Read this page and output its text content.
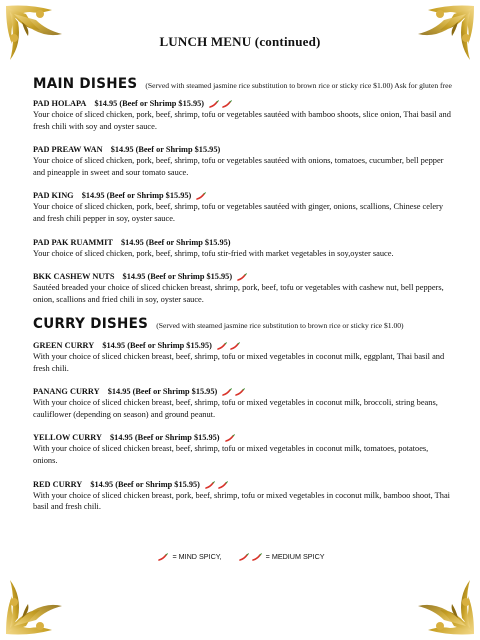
LUNCH MENU (continued)
MAIN DISHES (Served with steamed jasmine rice substitution to brown rice or sticky rice $1.00) Ask for gluten free
PAD HOLAPA $14.95 (Beef or Shrimp $15.95)
Your choice of sliced chicken, pork, beef, shrimp, tofu or vegetables sautéed with bamboo shoots, slice onion, Thai basil and fresh chili with soy and oyster sauce.
PAD PREAW WAN $14.95 (Beef or Shrimp $15.95)
Your choice of sliced chicken, pork, beef, shrimp, tofu or vegetables sautéed with onions, tomatoes, cucumber, bell pepper and pineapple in sweet and sour tomato sauce.
PAD KING $14.95 (Beef or Shrimp $15.95)
Your choice of sliced chicken, pork, beef, shrimp, tofu or vegetables sautéed with ginger, onions, scallions, Chinese celery and fresh chili pepper in soy, oyster sauce.
PAD PAK RUAMMIT $14.95 (Beef or Shrimp $15.95)
Your choice of sliced chicken, pork, beef, shrimp, tofu stir-fried with market vegetables in soy,oyster sauce.
BKK CASHEW NUTS $14.95 (Beef or Shrimp $15.95)
Sautéed breaded your choice of sliced chicken breast, shrimp, pork, beef, tofu or vegetables with cashew nut, bell peppers, onion, scallions and fried chili in soy, oyster sauce.
CURRY DISHES (Served with steamed jasmine rice substitution to brown rice or sticky rice $1.00)
GREEN CURRY $14.95 (Beef or Shrimp $15.95)
With your choice of sliced chicken breast, beef, shrimp, tofu or mixed vegetables in coconut milk, eggplant, Thai basil and fresh chili.
PANANG CURRY $14.95 (Beef or Shrimp $15.95)
With your choice of sliced chicken breast, beef, shrimp, tofu or mixed vegetables in coconut milk, broccoli, string beans, cauliflower (depending on season) and ground peanut.
YELLOW CURRY $14.95 (Beef or Shrimp $15.95)
With your choice of sliced chicken breast, beef, shrimp, tofu or mixed vegetables in coconut milk, tomatoes, potatoes, onions.
RED CURRY $14.95 (Beef or Shrimp $15.95)
With your choice of sliced chicken breast, pork, beef, shrimp, tofu or mixed vegetables in coconut milk, bamboo shoot, Thai basil and fresh chili.
= MIND SPICY,	= MEDIUM SPICY
